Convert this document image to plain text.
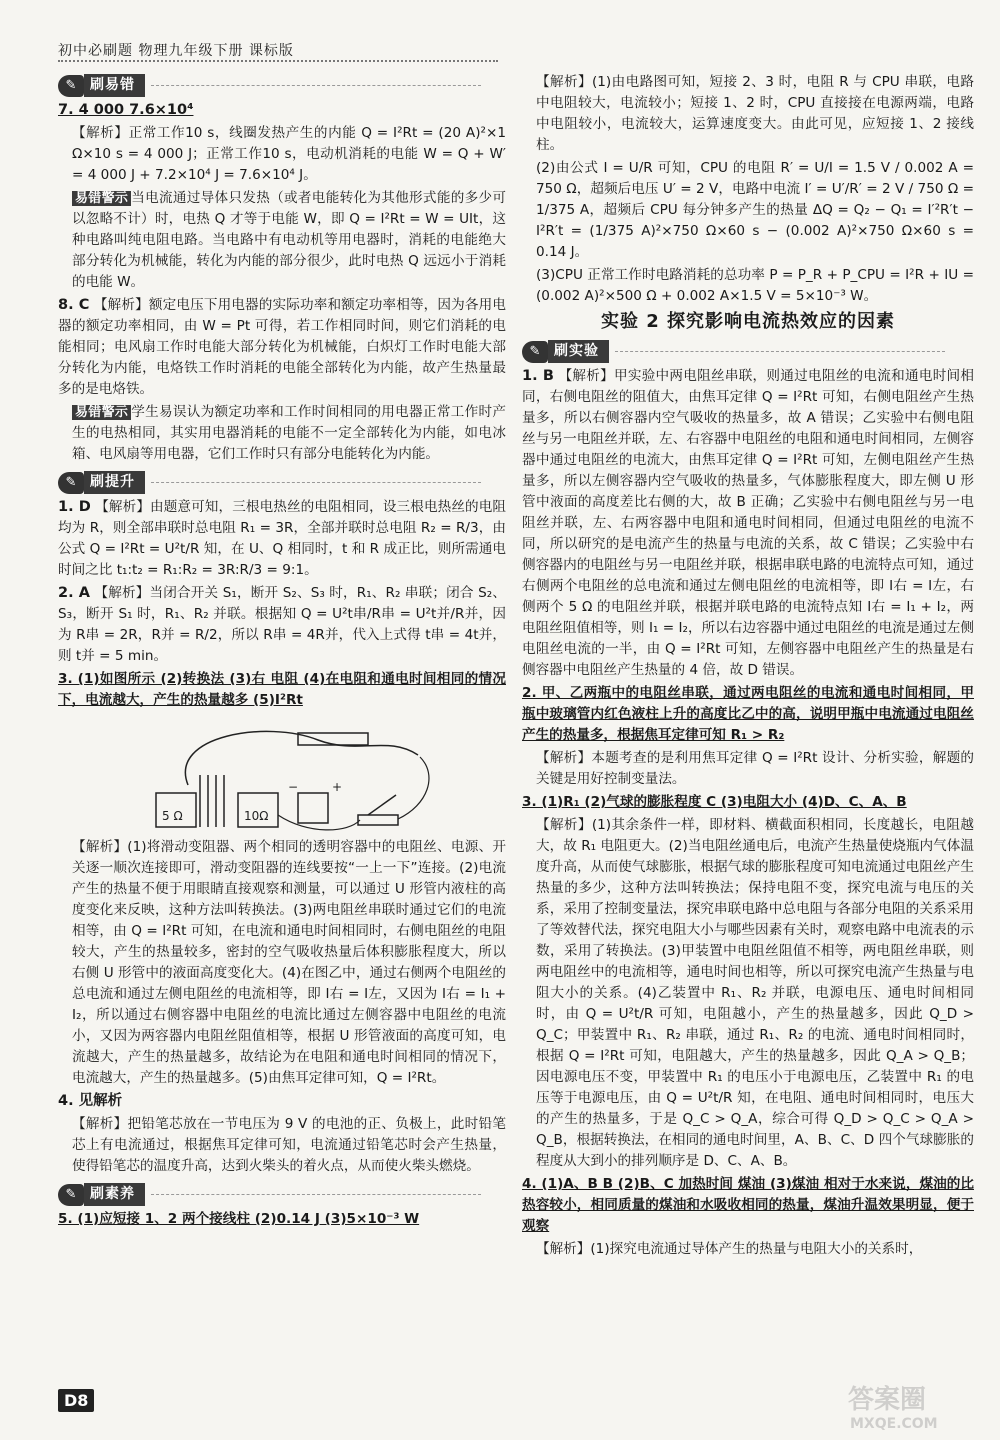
初中必刷题 物理九年级下册 课标版
✎ 刷易错

7. 4 000 7.6×10⁴

【解析】正常工作10 s，线圈发热产生的内能 Q = I²Rt = (20 A)²×1 Ω×10 s = 4 000 J；正常工作10 s，电动机消耗的电能 W = Q + W′ = 4 000 J + 7.2×10⁴ J = 7.6×10⁴ J。

易错警示 当电流通过导体只发热（或者电能转化为其他形式能的多少可以忽略不计）时，电热 Q 才等于电能 W，即 Q = I²Rt = W = UIt，这种电路叫纯电阻电路。当电路中有电动机等用电器时，消耗的电能绝大部分转化为机械能，转化为内能的部分很少，此时电热 Q 远远小于消耗的电能 W。

8. C 【解析】额定电压下用电器的实际功率和额定功率相等，因为各用电器的额定功率相同，由 W = Pt 可得，若工作相同时间，则它们消耗的电能相同；电风扇工作时电能大部分转化为机械能，白炽灯工作时电能大部分转化为内能，电烙铁工作时消耗的电能全部转化为内能，故产生热量最多的是电烙铁。

易错警示 学生易误认为额定功率和工作时间相同的用电器正常工作时产生的电热相同，其实用电器消耗的电能不一定全部转化为内能，如电冰箱、电风扇等用电器，它们工作时只有部分电能转化为内能。

✎ 刷提升

1. D 【解析】由题意可知，三根电热丝的电阻相同，设三根电热丝的电阻均为 R，则全部串联时总电阻 R₁ = 3R，全部并联时总电阻 R₂ = R/3，由公式 Q = I²Rt = U²t/R 知，在 U、Q 相同时，t 和 R 成正比，则所需通电时间之比 t₁:t₂ = R₁:R₂ = 3R:R/3 = 9:1。

2. A 【解析】当闭合开关 S₁，断开 S₂、S₃ 时，R₁、R₂ 串联；闭合 S₂、S₃，断开 S₁ 时，R₁、R₂ 并联。根据知 Q = U²t串/R串 = U²t并/R并，因为 R串 = 2R，R并 = R/2，所以 R串 = 4R并，代入上式得 t串 = 4t并，则 t并 = 5 min。

3. (1)如图所示 (2)转换法 (3)右 电阻 (4)在电阻和通电时间相同的情况下，电流越大，产生的热量越多 (5)I²Rt

+
−
5 Ω	10Ω

【解析】(1)将滑动变阻器、两个相同的透明容器中的电阻丝、电源、开关逐一顺次连接即可，滑动变阻器的连线要按“一上一下”连接。(2)电流产生的热量不便于用眼睛直接观察和测量，可以通过 U 形管内液柱的高度变化来反映，这种方法叫转换法。(3)两电阻丝串联时通过它们的电流相等，由 Q = I²Rt 可知，在电流和通电时间相同时，右侧电阻丝的电阻较大，产生的热量较多，密封的空气吸收热量后体积膨胀程度大，所以右侧 U 形管中的液面高度变化大。(4)在图乙中，通过右侧两个电阻丝的总电流和通过左侧电阻丝的电流相等，即 I右 = I左，又因为 I右 = I₁ + I₂，所以通过右侧容器中电阻丝的电流比通过左侧容器中电阻丝的电流小，又因为两容器内电阻丝阻值相等，根据 U 形管液面的高度可知，电流越大，产生的热量越多，故结论为在电阻和通电时间相同的情况下，电流越大，产生的热量越多。(5)由焦耳定律可知，Q = I²Rt。

4. 见解析

【解析】把铅笔芯放在一节电压为 9 V 的电池的正、负极上，此时铅笔芯上有电流通过，根据焦耳定律可知，电流通过铅笔芯时会产生热量，使得铅笔芯的温度升高，达到火柴头的着火点，从而使火柴头燃烧。

✎ 刷素养

5. (1)应短接 1、2 两个接线柱 (2)0.14 J (3)5×10⁻³ W

【解析】(1)由电路图可知，短接 2、3 时，电阻 R 与 CPU 串联，电路中电阻较大，电流较小；短接 1、2 时，CPU 直接接在电源两端，电路中电阻较小，电流较大，运算速度变大。由此可见，应短接 1、2 接线柱。

(2)由公式 I = U/R 可知，CPU 的电阻 R′ = U/I = 1.5 V / 0.002 A = 750 Ω，超频后电压 U′ = 2 V，电路中电流 I′ = U′/R′ = 2 V / 750 Ω = 1/375 A，超频后 CPU 每分钟多产生的热量 ΔQ = Q₂ − Q₁ = I′²R′t − I²R′t = (1/375 A)²×750 Ω×60 s − (0.002 A)²×750 Ω×60 s = 0.14 J。

(3)CPU 正常工作时电路消耗的总功率 P = P_R + P_CPU = I²R + IU = (0.002 A)²×500 Ω + 0.002 A×1.5 V = 5×10⁻³ W。

实验 2 探究影响电流热效应的因素
✎ 刷实验

1. B 【解析】甲实验中两电阻丝串联，则通过电阻丝的电流和通电时间相同，右侧电阻丝的阻值大，由焦耳定律 Q = I²Rt 可知，右侧电阻丝产生热量多，所以右侧容器内空气吸收的热量多，故 A 错误；乙实验中右侧电阻丝与另一电阻丝并联，左、右容器中电阻丝的电阻和通电时间相同，左侧容器中通过电阻丝的电流大，由焦耳定律 Q = I²Rt 可知，左侧电阻丝产生热量多，所以左侧容器内空气吸收的热量多，气体膨胀程度大，即左侧 U 形管中液面的高度差比右侧的大，故 B 正确；乙实验中右侧电阻丝与另一电阻丝并联，左、右两容器中电阻和通电时间相同，但通过电阻丝的电流不同，所以研究的是电流产生的热量与电流的关系，故 C 错误；乙实验中右侧容器内的电阻丝与另一电阻丝并联，根据串联电路的电流特点可知，通过右侧两个电阻丝的总电流和通过左侧电阻丝的电流相等，即 I右 = I左，右侧两个 5 Ω 的电阻丝并联，根据并联电路的电流特点知 I右 = I₁ + I₂，两电阻丝阻值相等，则 I₁ = I₂，所以右边容器中通过电阻丝的电流是通过左侧电阻丝电流的一半，由 Q = I²Rt 可知，左侧容器中电阻丝产生的热量是右侧容器中电阻丝产生热量的 4 倍，故 D 错误。

2. 甲、乙两瓶中的电阻丝串联，通过两电阻丝的电流和通电时间相同，甲瓶中玻璃管内红色液柱上升的高度比乙中的高，说明甲瓶中电流通过电阻丝产生的热量多，根据焦耳定律可知 R₁ > R₂

【解析】本题考查的是利用焦耳定律 Q = I²Rt 设计、分析实验，解题的关键是用好控制变量法。

3. (1)R₁ (2)气球的膨胀程度 C (3)电阻大小 (4)D、C、A、B

【解析】(1)其余条件一样，即材料、横截面积相同，长度越长，电阻越大，故 R₁ 电阻更大。(2)当电阻丝通电后，电流产生热量使烧瓶内气体温度升高，从而使气球膨胀，根据气球的膨胀程度可知电流通过电阻丝产生热量的多少，这种方法叫转换法；保持电阻不变，探究电流与电压的关系，采用了控制变量法，探究串联电路中总电阻与各部分电阻的关系采用了等效替代法，探究电阻大小与哪些因素有关时，观察电路中电流表的示数，采用了转换法。(3)甲装置中电阻丝阻值不相等，两电阻丝串联，则两电阻丝中的电流相等，通电时间也相等，所以可探究电流产生热量与电阻大小的关系。(4)乙装置中 R₁、R₂ 并联，电源电压、通电时间相同时，由 Q = U²t/R 可知，电阻越小，产生的热量越多，因此 Q_D > Q_C；甲装置中 R₁、R₂ 串联，通过 R₁、R₂ 的电流、通电时间相同时，根据 Q = I²Rt 可知，电阻越大，产生的热量越多，因此 Q_A > Q_B；因电源电压不变，甲装置中 R₁ 的电压小于电源电压，乙装置中 R₁ 的电压等于电源电压，由 Q = U²t/R 知，在电阻、通电时间相同时，电压大的产生的热量多，于是 Q_C > Q_A，综合可得 Q_D > Q_C > Q_A > Q_B，根据转换法，在相同的通电时间里，A、B、C、D 四个气球膨胀的程度从大到小的排列顺序是 D、C、A、B。

4. (1)A、B B (2)B、C 加热时间 煤油 (3)煤油 相对于水来说，煤油的比热容较小，相同质量的煤油和水吸收相同的热量，煤油升温效果明显，便于观察

【解析】(1)探究电流通过导体产生的热量与电阻大小的关系时，

D8	答案圈
MXQE.COM
